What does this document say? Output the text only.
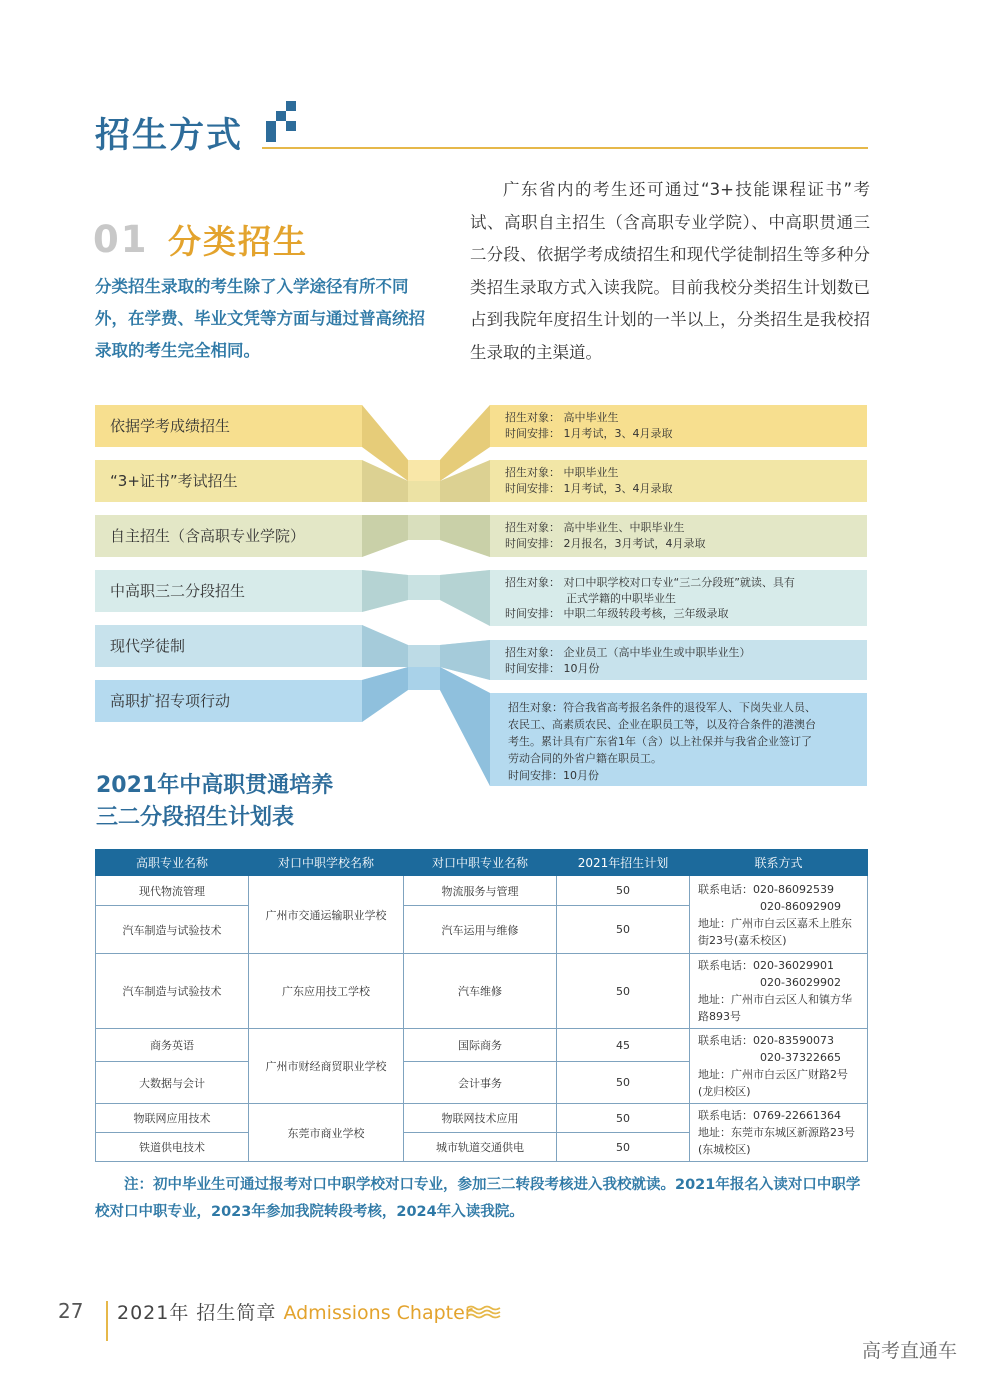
招生方式
01 分类招生
分类招生录取的考生除了入学途径有所不同外，在学费、毕业文凭等方面与通过普高统招录取的考生完全相同。
广东省内的考生还可通过“3+技能课程证书”考试、高职自主招生（含高职专业学院）、中高职贯通三二分段、依据学考成绩招生和现代学徒制招生等多种分类招生录取方式入读我院。目前我校分类招生计划数已占到我院年度招生计划的一半以上，分类招生是我校招生录取的主渠道。
依据学考成绩招生
“3+证书”考试招生
自主招生（含高职专业学院）
中高职三二分段招生
现代学徒制
高职扩招专项行动
招生对象： 高中毕业生
时间安排： 1月考试，3、4月录取
招生对象： 中职毕业生
时间安排： 1月考试，3、4月录取
招生对象： 高中毕业生、中职毕业生
时间安排： 2月报名，3月考试，4月录取
招生对象： 对口中职学校对口专业“三二分段班”就读、具有
正式学籍的中职毕业生
时间安排： 中职二年级转段考核，三年级录取
招生对象： 企业员工（高中毕业生或中职毕业生）
时间安排： 10月份
招生对象：符合我省高考报名条件的退役军人、下岗失业人员、
农民工、高素质农民、企业在职员工等，以及符合条件的港澳台
考生。累计具有广东省1年（含）以上社保并与我省企业签订了
劳动合同的外省户籍在职员工。
时间安排：10月份
2021年中高职贯通培养
三二分段招生计划表
高职专业名称	对口中职学校名称	对口中职专业名称	2021年招生计划	联系方式
现代物流管理	广州市交通运输职业学校	物流服务与管理	50	联系电话：020-86092539
020-86092909
地址：广州市白云区嘉禾上胜东
街23号(嘉禾校区)

汽车制造与试验技术		汽车运用与维修	50	
汽车制造与试验技术	广东应用技工学校	汽车维修	50	联系电话：020-36029901
020-36029902
地址：广州市白云区人和镇方华
路893号

商务英语	广州市财经商贸职业学校	国际商务	45	联系电话：020-83590073
020-37322665
地址：广州市白云区广财路2号
(龙归校区)

大数据与会计		会计事务	50	
物联网应用技术	东莞市商业学校	物联网技术应用	50	联系电话：0769-22661364
地址：东莞市东城区新源路23号
(东城校区)

铁道供电技术		城市轨道交通供电	50	
注：初中毕业生可通过报考对口中职学校对口专业，参加三二转段考核进入我校就读。2021年报名入读对口中职学校对口中职专业，2023年参加我院转段考核，2024年入读我院。
27 2021年 招生简章 Admissions Chapter
高考直通车
